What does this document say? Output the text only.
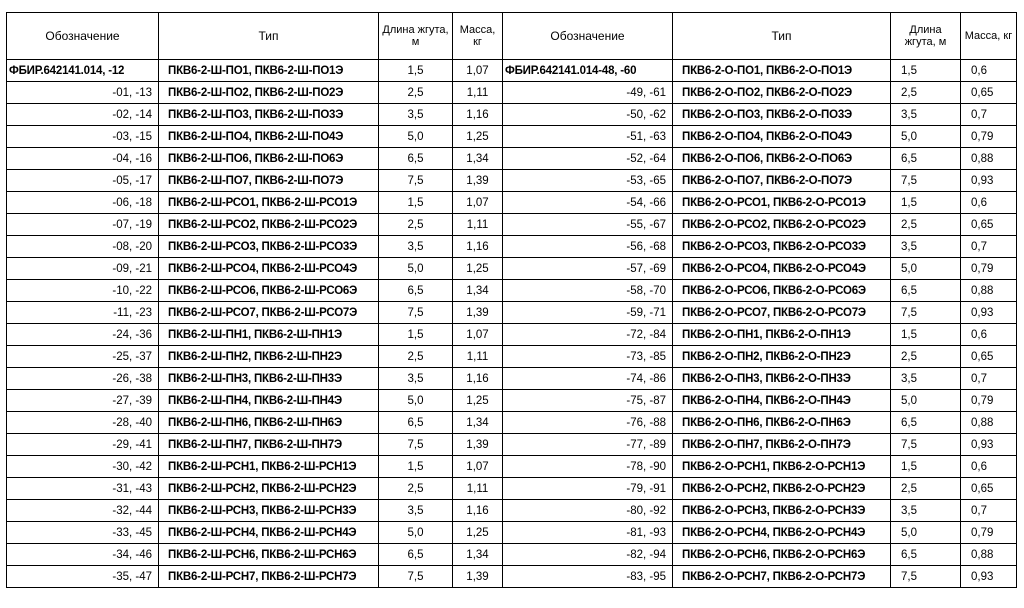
Обозначение	Тип	Длина жгута, м	Масса, кг	Обозначение	Тип	Длина жгута, м	Масса, кг
ФБИР.642141.014, -12	ПКВ6-2-Ш-ПО1, ПКВ6-2-Ш-ПО1Э	1,5	1,07	ФБИР.642141.014-48, -60	ПКВ6-2-О-ПО1, ПКВ6-2-О-ПО1Э	1,5	0,6
-01, -13	ПКВ6-2-Ш-ПО2, ПКВ6-2-Ш-ПО2Э	2,5	1,11	-49, -61	ПКВ6-2-О-ПО2, ПКВ6-2-О-ПО2Э	2,5	0,65
-02, -14	ПКВ6-2-Ш-ПО3, ПКВ6-2-Ш-ПО3Э	3,5	1,16	-50, -62	ПКВ6-2-О-ПО3, ПКВ6-2-О-ПО3Э	3,5	0,7
-03, -15	ПКВ6-2-Ш-ПО4, ПКВ6-2-Ш-ПО4Э	5,0	1,25	-51, -63	ПКВ6-2-О-ПО4, ПКВ6-2-О-ПО4Э	5,0	0,79
-04, -16	ПКВ6-2-Ш-ПО6, ПКВ6-2-Ш-ПО6Э	6,5	1,34	-52, -64	ПКВ6-2-О-ПО6, ПКВ6-2-О-ПО6Э	6,5	0,88
-05, -17	ПКВ6-2-Ш-ПО7, ПКВ6-2-Ш-ПО7Э	7,5	1,39	-53, -65	ПКВ6-2-О-ПО7, ПКВ6-2-О-ПО7Э	7,5	0,93
-06, -18	ПКВ6-2-Ш-РСО1, ПКВ6-2-Ш-РСО1Э	1,5	1,07	-54, -66	ПКВ6-2-О-РСО1, ПКВ6-2-О-РСО1Э	1,5	0,6
-07, -19	ПКВ6-2-Ш-РСО2, ПКВ6-2-Ш-РСО2Э	2,5	1,11	-55, -67	ПКВ6-2-О-РСО2, ПКВ6-2-О-РСО2Э	2,5	0,65
-08, -20	ПКВ6-2-Ш-РСО3, ПКВ6-2-Ш-РСО3Э	3,5	1,16	-56, -68	ПКВ6-2-О-РСО3, ПКВ6-2-О-РСО3Э	3,5	0,7
-09, -21	ПКВ6-2-Ш-РСО4, ПКВ6-2-Ш-РСО4Э	5,0	1,25	-57, -69	ПКВ6-2-О-РСО4, ПКВ6-2-О-РСО4Э	5,0	0,79
-10, -22	ПКВ6-2-Ш-РСО6, ПКВ6-2-Ш-РСО6Э	6,5	1,34	-58, -70	ПКВ6-2-О-РСО6, ПКВ6-2-О-РСО6Э	6,5	0,88
-11, -23	ПКВ6-2-Ш-РСО7, ПКВ6-2-Ш-РСО7Э	7,5	1,39	-59, -71	ПКВ6-2-О-РСО7, ПКВ6-2-О-РСО7Э	7,5	0,93
-24, -36	ПКВ6-2-Ш-ПН1, ПКВ6-2-Ш-ПН1Э	1,5	1,07	-72, -84	ПКВ6-2-О-ПН1, ПКВ6-2-О-ПН1Э	1,5	0,6
-25, -37	ПКВ6-2-Ш-ПН2, ПКВ6-2-Ш-ПН2Э	2,5	1,11	-73, -85	ПКВ6-2-О-ПН2, ПКВ6-2-О-ПН2Э	2,5	0,65
-26, -38	ПКВ6-2-Ш-ПН3, ПКВ6-2-Ш-ПН3Э	3,5	1,16	-74, -86	ПКВ6-2-О-ПН3, ПКВ6-2-О-ПН3Э	3,5	0,7
-27, -39	ПКВ6-2-Ш-ПН4, ПКВ6-2-Ш-ПН4Э	5,0	1,25	-75, -87	ПКВ6-2-О-ПН4, ПКВ6-2-О-ПН4Э	5,0	0,79
-28, -40	ПКВ6-2-Ш-ПН6, ПКВ6-2-Ш-ПН6Э	6,5	1,34	-76, -88	ПКВ6-2-О-ПН6, ПКВ6-2-О-ПН6Э	6,5	0,88
-29, -41	ПКВ6-2-Ш-ПН7, ПКВ6-2-Ш-ПН7Э	7,5	1,39	-77, -89	ПКВ6-2-О-ПН7, ПКВ6-2-О-ПН7Э	7,5	0,93
-30, -42	ПКВ6-2-Ш-РСН1, ПКВ6-2-Ш-РСН1Э	1,5	1,07	-78, -90	ПКВ6-2-О-РСН1, ПКВ6-2-О-РСН1Э	1,5	0,6
-31, -43	ПКВ6-2-Ш-РСН2, ПКВ6-2-Ш-РСН2Э	2,5	1,11	-79, -91	ПКВ6-2-О-РСН2, ПКВ6-2-О-РСН2Э	2,5	0,65
-32, -44	ПКВ6-2-Ш-РСН3, ПКВ6-2-Ш-РСН3Э	3,5	1,16	-80, -92	ПКВ6-2-О-РСН3, ПКВ6-2-О-РСН3Э	3,5	0,7
-33, -45	ПКВ6-2-Ш-РСН4, ПКВ6-2-Ш-РСН4Э	5,0	1,25	-81, -93	ПКВ6-2-О-РСН4, ПКВ6-2-О-РСН4Э	5,0	0,79
-34, -46	ПКВ6-2-Ш-РСН6, ПКВ6-2-Ш-РСН6Э	6,5	1,34	-82, -94	ПКВ6-2-О-РСН6, ПКВ6-2-О-РСН6Э	6,5	0,88
-35, -47	ПКВ6-2-Ш-РСН7, ПКВ6-2-Ш-РСН7Э	7,5	1,39	-83, -95	ПКВ6-2-О-РСН7, ПКВ6-2-О-РСН7Э	7,5	0,93
